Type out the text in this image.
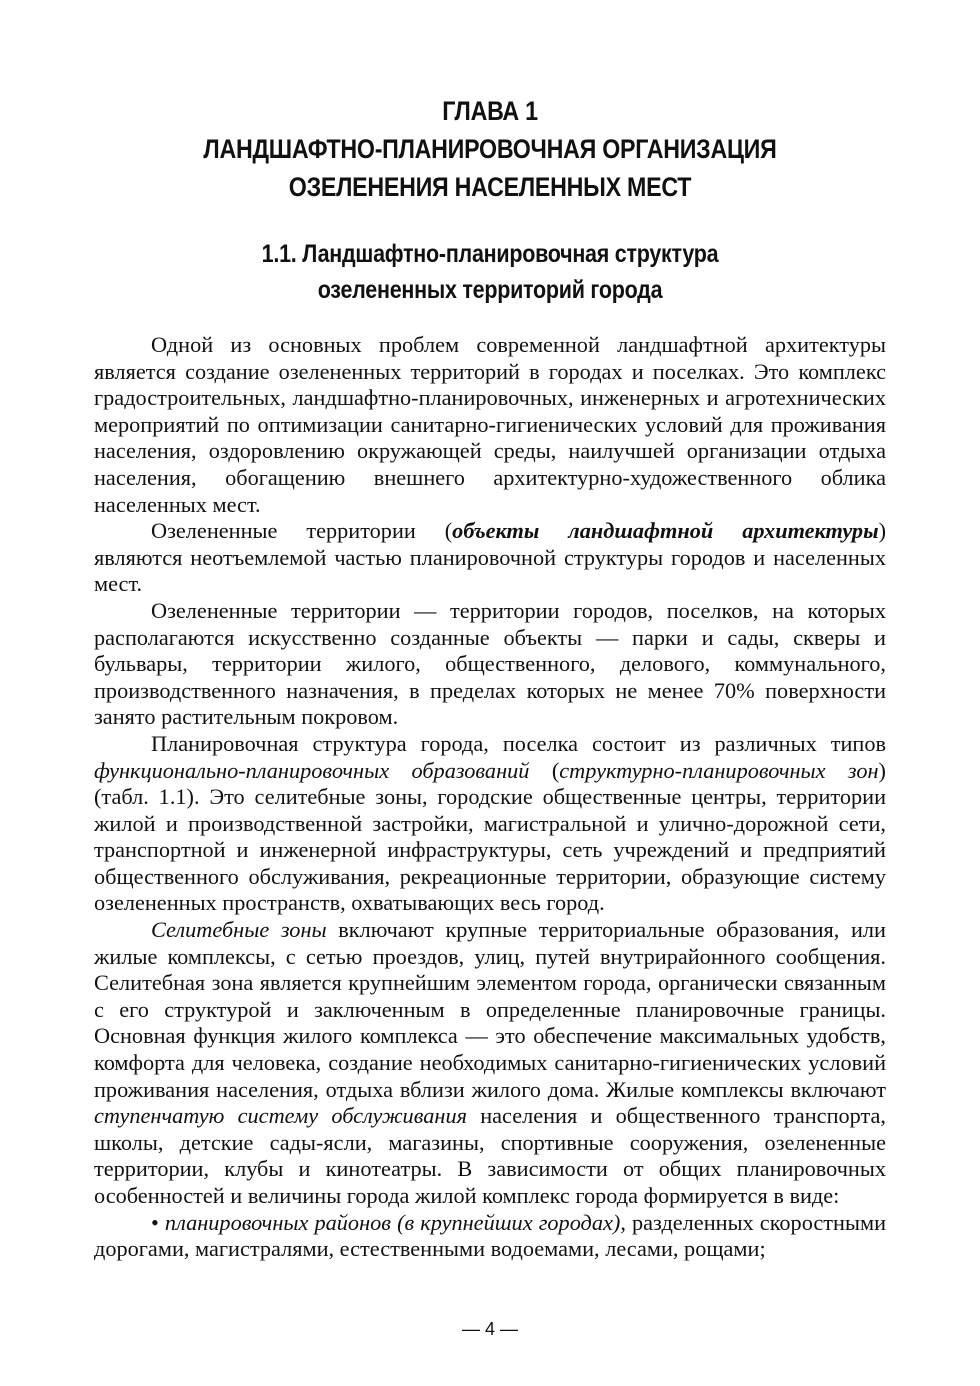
ГЛАВА 1
ЛАНДШАФТНО-ПЛАНИРОВОЧНАЯ ОРГАНИЗАЦИЯ
ОЗЕЛЕНЕНИЯ НАСЕЛЕННЫХ МЕСТ
1.1. Ландшафтно-планировочная структура
озелененных территорий города

Одной из основных проблем современной ландшафтной архитектуры является создание озелененных территорий в городах и поселках. Это комплекс градостроительных, ландшафтно-планировочных, инженерных и агротехнических мероприятий по оптимизации санитарно-гигиенических условий для проживания населения, оздоровлению окружающей среды, наилучшей организации отдыха населения, обогащению внешнего архитектурно-художественного облика населенных мест.

Озелененные территории (объекты ландшафтной архитектуры) являются неотъемлемой частью планировочной структуры городов и населенных мест.

Озелененные территории — территории городов, поселков, на которых располагаются искусственно созданные объекты — парки и сады, скверы и бульвары, территории жилого, общественного, делового, коммунального, производственного назначения, в пределах которых не менее 70% поверхности занято растительным покровом.

Планировочная структура города, поселка состоит из различных типов функционально-планировочных образований (структурно-планировочных зон) (табл. 1.1). Это селитебные зоны, городские общественные центры, территории жилой и производственной застройки, магистральной и улично-дорожной сети, транспортной и инженерной инфраструктуры, сеть учреждений и предприятий общественного обслуживания, рекреационные территории, образующие систему озелененных пространств, охватывающих весь город.

Селитебные зоны включают крупные территориальные образования, или жилые комплексы, с сетью проездов, улиц, путей внутрирайонного сообщения. Селитебная зона является крупнейшим элементом города, органически связанным с его структурой и заключенным в определенные планировочные границы. Основная функция жилого комплекса — это обеспечение максимальных удобств, комфорта для человека, создание необходимых санитарно-гигиенических условий проживания населения, отдыха вблизи жилого дома. Жилые комплексы включают ступенчатую систему обслуживания населения и общественного транспорта, школы, детские сады-ясли, магазины, спортивные сооружения, озелененные территории, клубы и кинотеатры. В зависимости от общих планировочных особенностей и величины города жилой комплекс города формируется в виде:

• планировочных районов (в крупнейших городах), разделенных скоростными дорогами, магистралями, естественными водоемами, лесами, рощами;

— 4 —
